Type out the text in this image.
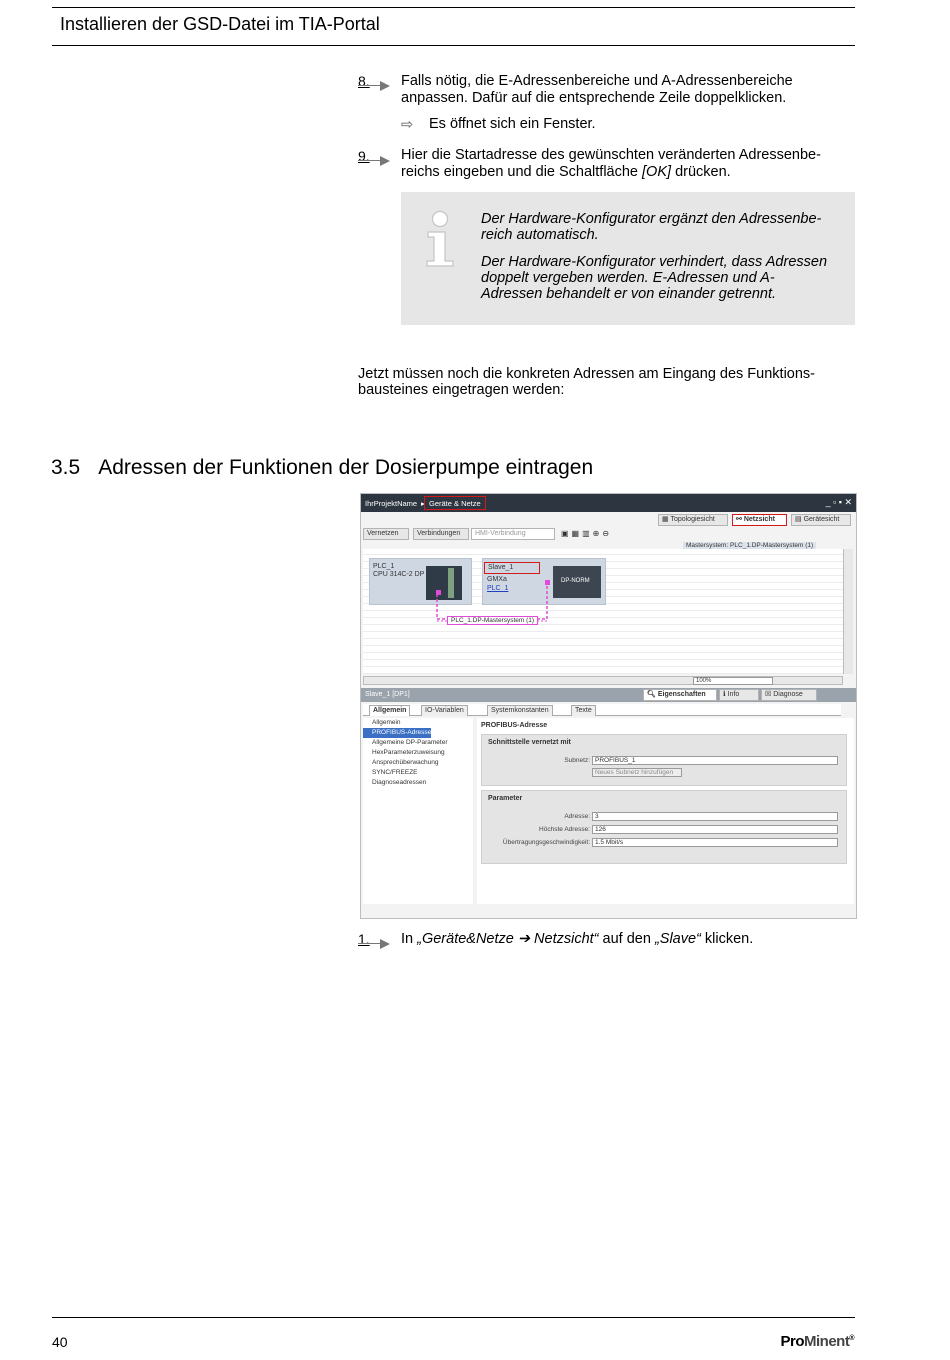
Installieren der GSD-Datei im TIA-Portal
8. Falls nötig, die E-Adressenbereiche und A-Adressenbereiche
anpassen. Dafür auf die entsprechende Zeile doppelklicken.
⇨ Es öffnet sich ein Fenster.
9. Hier die Startadresse des gewünschten veränderten Adressenbe-
reichs eingeben und die Schaltfläche [OK] drücken.
Der Hardware-Konfigurator ergänzt den Adressenbe-
reich automatisch.
Der Hardware-Konfigurator verhindert, dass Adressen
doppelt vergeben werden. E-Adressen und A-
Adressen behandelt er von einander getrennt.
Jetzt müssen noch die konkreten Adressen am Eingang des Funktions-
bausteines eingetragen werden:
3.5 Adressen der Funktionen der Dosierpumpe eintragen
IhrProjektName ▸ Geräte & Netze	_ ▫ ▪ ✕
▦ Topologiesicht	⚯ Netzsicht	▤ Gerätesicht
Vernetzen	Verbindungen	HMI-Verbindung	▣▦▥⊕⊖
Mastersystem: PLC_1.DP-Mastersystem (1)
PLC_1
CPU 314C-2 DP
Slave_1
GMXa
PLC_1
DP-NORM
PLC_1.DP-Mastersystem (1)
100%
Slave_1 [DP1]	🔍︎ Eigenschaften	ℹ Info	☒ Diagnose
Allgemein	IO-Variablen	Systemkonstanten	Texte
Allgemein
PROFIBUS-Adresse
Allgemeine DP-Parameter
HexParameterzuweisung
Ansprechüberwachung
SYNC/FREEZE
Diagnoseadressen
PROFIBUS-Adresse
Schnittstelle vernetzt mit
Subnetz: PROFIBUS_1
Neues Subnetz hinzufügen
Parameter
Adresse: 3
Höchste Adresse: 126
Übertragungsgeschwindigkeit: 1.5 Mbit/s
1. In „Geräte&Netze ➔ Netzsicht“ auf den „Slave“ klicken.
40	ProMinent®
